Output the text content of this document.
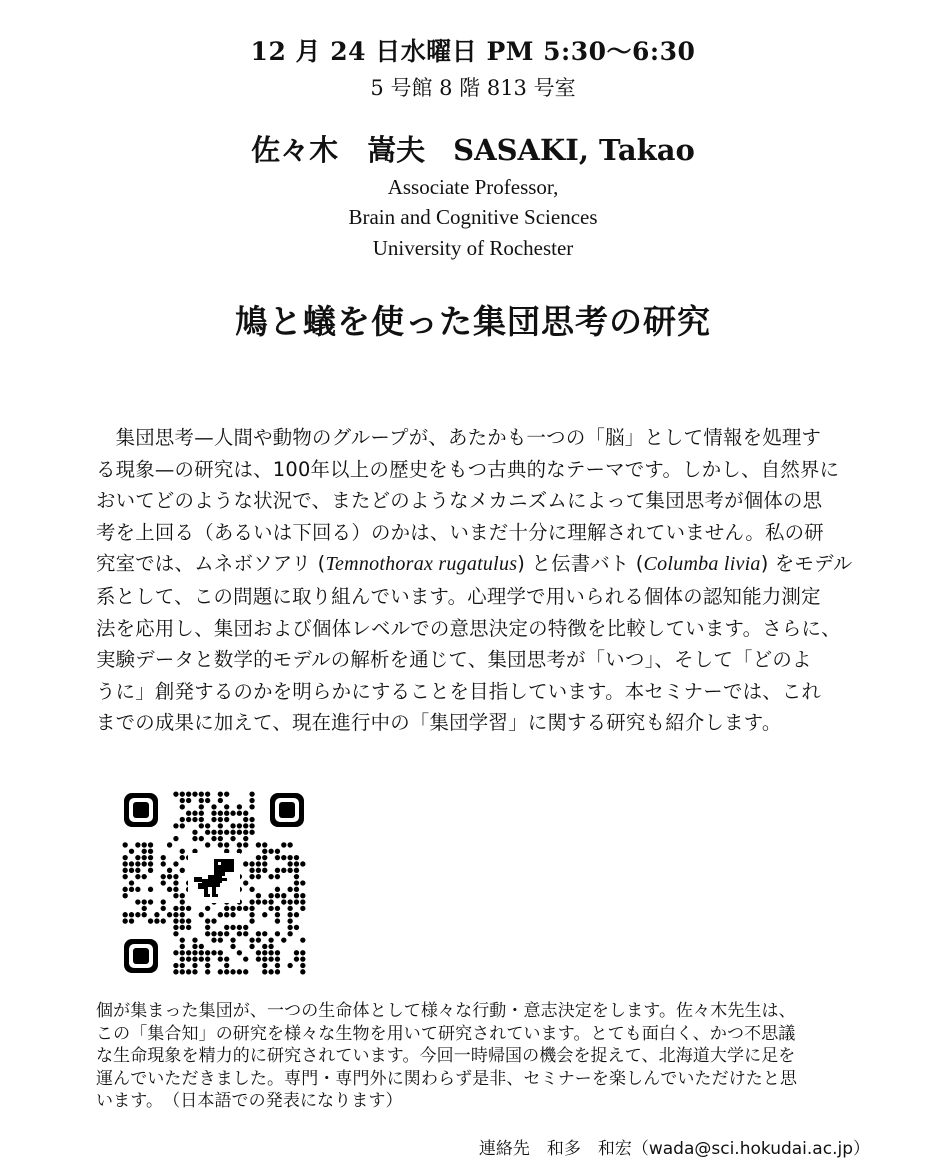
12 月 24 日水曜日 PM 5:30〜6:30
5 号館 8 階 813 号室
佐々木　嵩夫 SASAKI, Takao
Associate Professor,
Brain and Cognitive Sciences
University of Rochester
鳩と蟻を使った集団思考の研究
　集団思考—人間や動物のグループが、あたかも一つの「脳」として情報を処理す
る現象—の研究は、100年以上の歴史をもつ古典的なテーマです。しかし、自然界に
おいてどのような状況で、またどのようなメカニズムによって集団思考が個体の思
考を上回る（あるいは下回る）のかは、いまだ十分に理解されていません。私の研
究室では、ムネボソアリ (Temnothorax rugatulus) と伝書バト (Columba livia) をモデル
系として、この問題に取り組んでいます。心理学で用いられる個体の認知能力測定
法を応用し、集団および個体レベルでの意思決定の特徴を比較しています。さらに、
実験データと数学的モデルの解析を通じて、集団思考が「いつ」、そして「どのよ
うに」創発するのかを明らかにすることを目指しています。本セミナーでは、これ
までの成果に加えて、現在進行中の「集団学習」に関する研究も紹介します。
個が集まった集団が、一つの生命体として様々な行動・意志決定をします。佐々木先生は、
この「集合知」の研究を様々な生物を用いて研究されています。とても面白く、かつ不思議
な生命現象を精力的に研究されています。今回一時帰国の機会を捉えて、北海道大学に足を
運んでいただきました。専門・専門外に関わらず是非、セミナーを楽しんでいただけたと思
います。　（日本語での発表になります）
連絡先　和多　和宏（wada@sci.hokudai.ac.jp）
